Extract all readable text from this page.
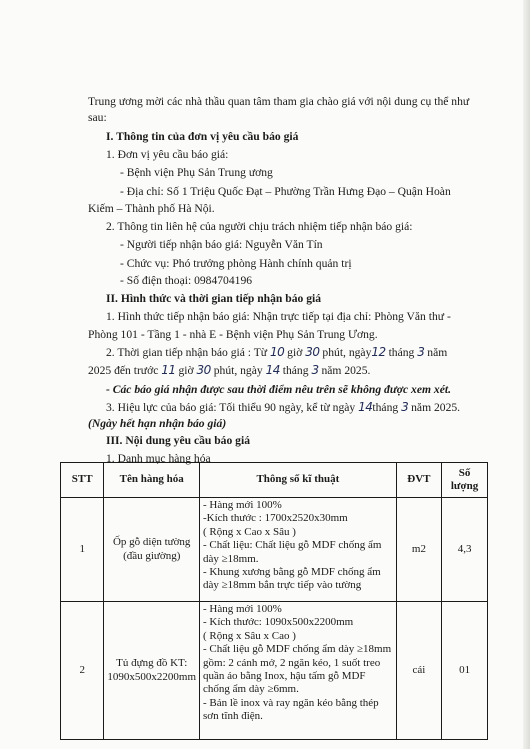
Trung ương mời các nhà thầu quan tâm tham gia chào giá với nội dung cụ thể như
sau:
I. Thông tin của đơn vị yêu cầu báo giá
1. Đơn vị yêu cầu báo giá:
- Bệnh viện Phụ Sản Trung ương
- Địa chỉ: Số 1 Triệu Quốc Đạt – Phường Trần Hưng Đạo – Quận Hoàn
Kiếm – Thành phố Hà Nội.
2. Thông tin liên hệ của người chịu trách nhiệm tiếp nhận báo giá:
- Người tiếp nhận báo giá: Nguyễn Văn Tín
- Chức vụ: Phó trưởng phòng Hành chính quản trị
- Số điện thoại: 0984704196
II. Hình thức và thời gian tiếp nhận báo giá
1. Hình thức tiếp nhận báo giá: Nhận trực tiếp tại địa chỉ: Phòng Văn thư -
Phòng 101 - Tầng 1 - nhà E - Bệnh viện Phụ Sản Trung Ương.
2. Thời gian tiếp nhận báo giá : Từ 10 giờ 30 phút, ngày12 tháng 3 năm
2025 đến trước 11 giờ 30 phút, ngày 14 tháng 3 năm 2025.
- Các báo giá nhận được sau thời điểm nêu trên sẽ không được xem xét.
3. Hiệu lực của báo giá: Tối thiểu 90 ngày, kể từ ngày 14tháng 3 năm 2025.
(Ngày hết hạn nhận báo giá)
III. Nội dung yêu cầu báo giá
1. Danh mục hàng hóa
STT	Tên hàng hóa	Thông số kĩ thuật	ĐVT	Số lượng
1	Ốp gỗ diện tường (đầu giường)	- Hàng mới 100%
-Kích thước : 1700x2520x30mm
( Rộng x Cao x Sâu )
- Chất liệu: Chất liệu gỗ MDF chống ẩm dày ≥18mm.
- Khung xương bằng gỗ MDF chống ẩm dày ≥18mm bắn trực tiếp vào tường	m2	4,3
2	Tủ đựng đồ KT: 1090x500x2200mm	- Hàng mới 100%
- Kích thước: 1090x500x2200mm
( Rộng x Sâu x Cao )
- Chất liệu gỗ MDF chống ẩm dày ≥18mm gồm: 2 cánh mở, 2 ngăn kéo, 1 suốt treo quần áo bằng Inox, hậu tấm gỗ MDF chống ẩm dày ≥6mm.
- Bản lề inox và ray ngăn kéo bằng thép sơn tĩnh điện.	cái	01
